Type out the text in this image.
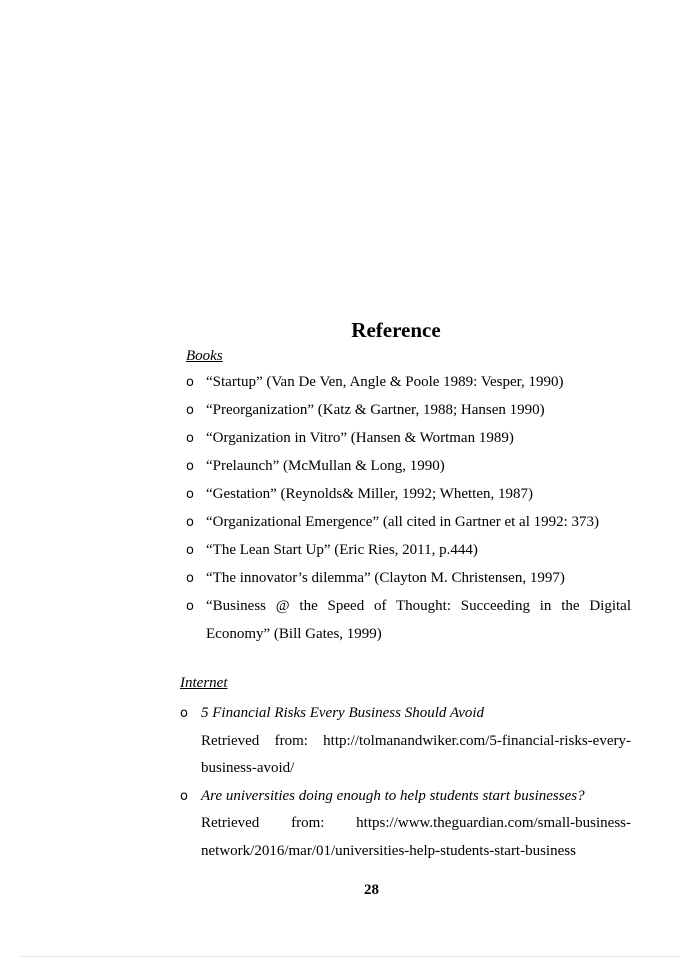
Reference
Books
o “Startup” (Van De Ven, Angle & Poole 1989: Vesper, 1990)
o “Preorganization” (Katz & Gartner, 1988; Hansen 1990)
o “Organization in Vitro” (Hansen & Wortman 1989)
o “Prelaunch” (McMullan & Long, 1990)
o “Gestation” (Reynolds& Miller, 1992; Whetten, 1987)
o “Organizational Emergence” (all cited in Gartner et al 1992: 373)
o “The Lean Start Up” (Eric Ries, 2011, p.444)
o “The innovator’s dilemma” (Clayton M. Christensen, 1997)
o “Business @ the Speed of Thought: Succeeding in the Digital Economy” (Bill Gates, 1999)
Internet
o 5 Financial Risks Every Business Should Avoid
Retrieved from: http://tolmanandwiker.com/5-financial-risks-every-business-avoid/
o Are universities doing enough to help students start businesses?
Retrieved from: https://www.theguardian.com/small-business-network/2016/mar/01/universities-help-students-start-business
28
